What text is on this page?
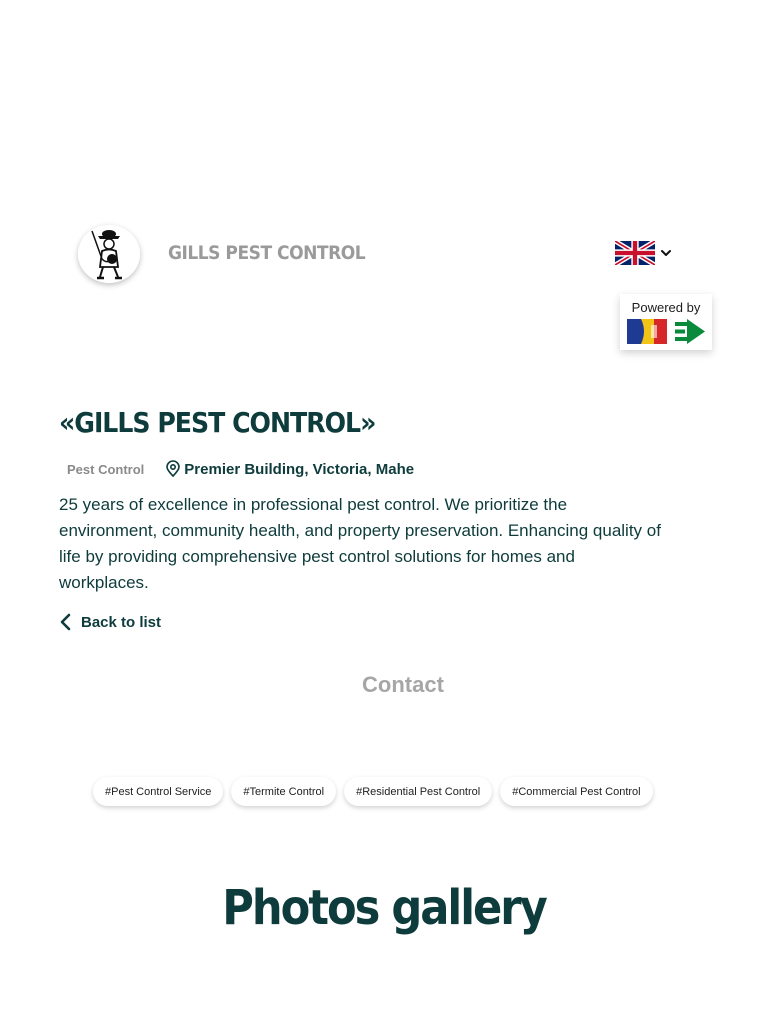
GILLS PEST CONTROL
Powered by
«GILLS PEST CONTROL»
Pest Control	Premier Building, Victoria, Mahe

25 years of excellence in professional pest control. We prioritize the environment, community health, and property preservation. Enhancing quality of life by providing comprehensive pest control solutions for homes and workplaces.

Back to list
Contact
#Pest Control Service	#Termite Control	#Residential Pest Control	#Commercial Pest Control
Photos gallery
